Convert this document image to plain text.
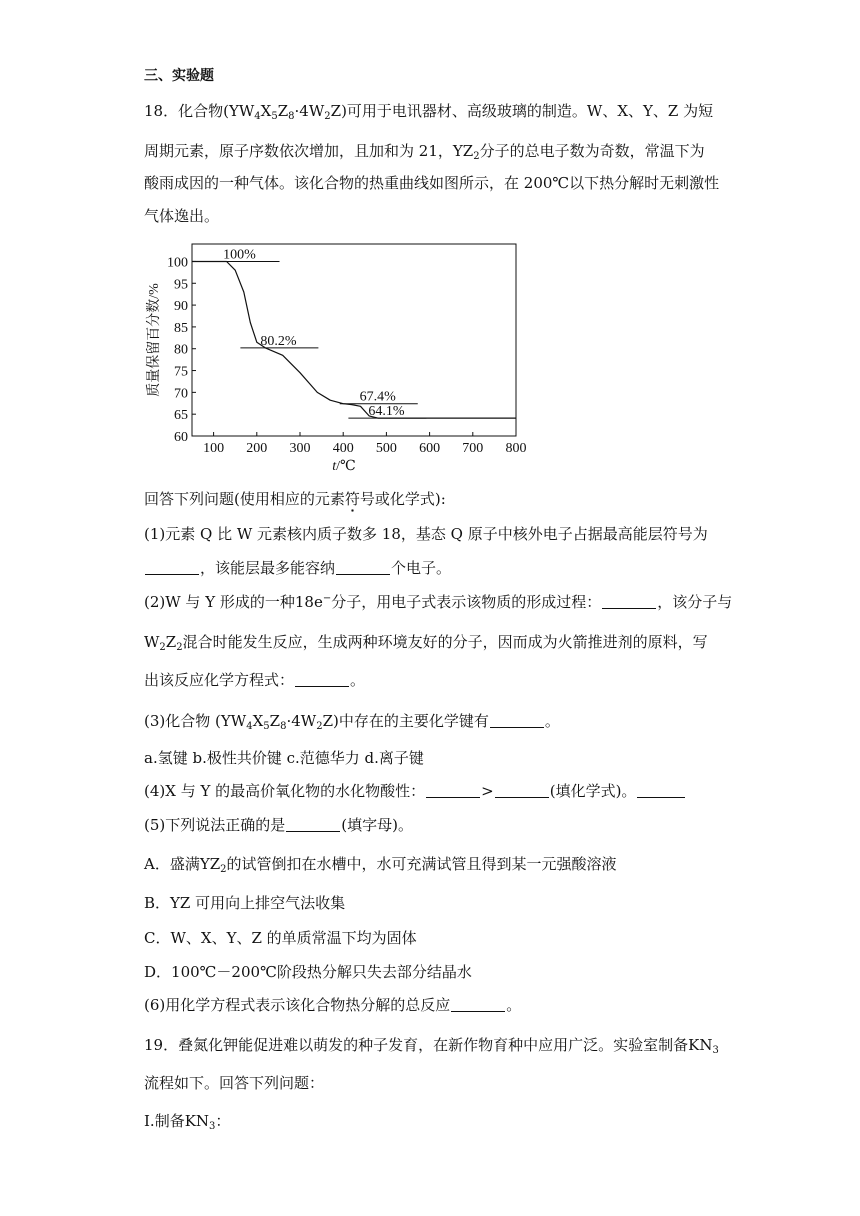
三、实验题
18．化合物$(YW_4X_5Z_8\cdot 4W_2Z)$可用于电讯器材、高级玻璃的制造。W、X、Y、Z 为短
周期元素，原子序数依次增加，且加和为 21，$YZ_2$分子的总电子数为奇数，常温下为
酸雨成因的一种气体。该化合物的热重曲线如图所示，在 200℃以下热分解时无刺激性
气体逸出。
100 200 300 400 500 600 700 800
60
65
70
75
80
85
90
95
100
t/℃
质量保留百分数/%
100%
80.2%
67.4%
64.1%
回答下列问题(使用相应的元素符号或化学式):
(1)元素 Q 比 W 元素核内质子数多 18，基态 Q 原子中核外电子占据最高能层符号为
，该能层最多能容纳	个电子。
(2)W 与 Y 形成的一种18e−分子，用电子式表示该物质的形成过程：	，该分子与
$W_2Z_2$混合时能发生反应，生成两种环境友好的分子，因而成为火箭推进剂的原料，写
出该反应化学方程式：	。
(3)化合物 $(YW_4X_5Z_8\cdot 4W_2Z)$中存在的主要化学键有	。
a.氢键 b.极性共价键 c.范德华力 d.离子键
(4)X 与 Y 的最高价氧化物的水化物酸性：	>	(填化学式)。
(5)下列说法正确的是	(填字母)。
A．盛满$YZ_2$的试管倒扣在水槽中，水可充满试管且得到某一元强酸溶液
B．YZ 可用向上排空气法收集
C．W、X、Y、Z 的单质常温下均为固体
D．100℃－200℃阶段热分解只失去部分结晶水
(6)用化学方程式表示该化合物热分解的总反应	。
19．叠氮化钾能促进难以萌发的种子发育，在新作物育种中应用广泛。实验室制备$KN_3$
流程如下。回答下列问题：
I.制备$KN_3$：
